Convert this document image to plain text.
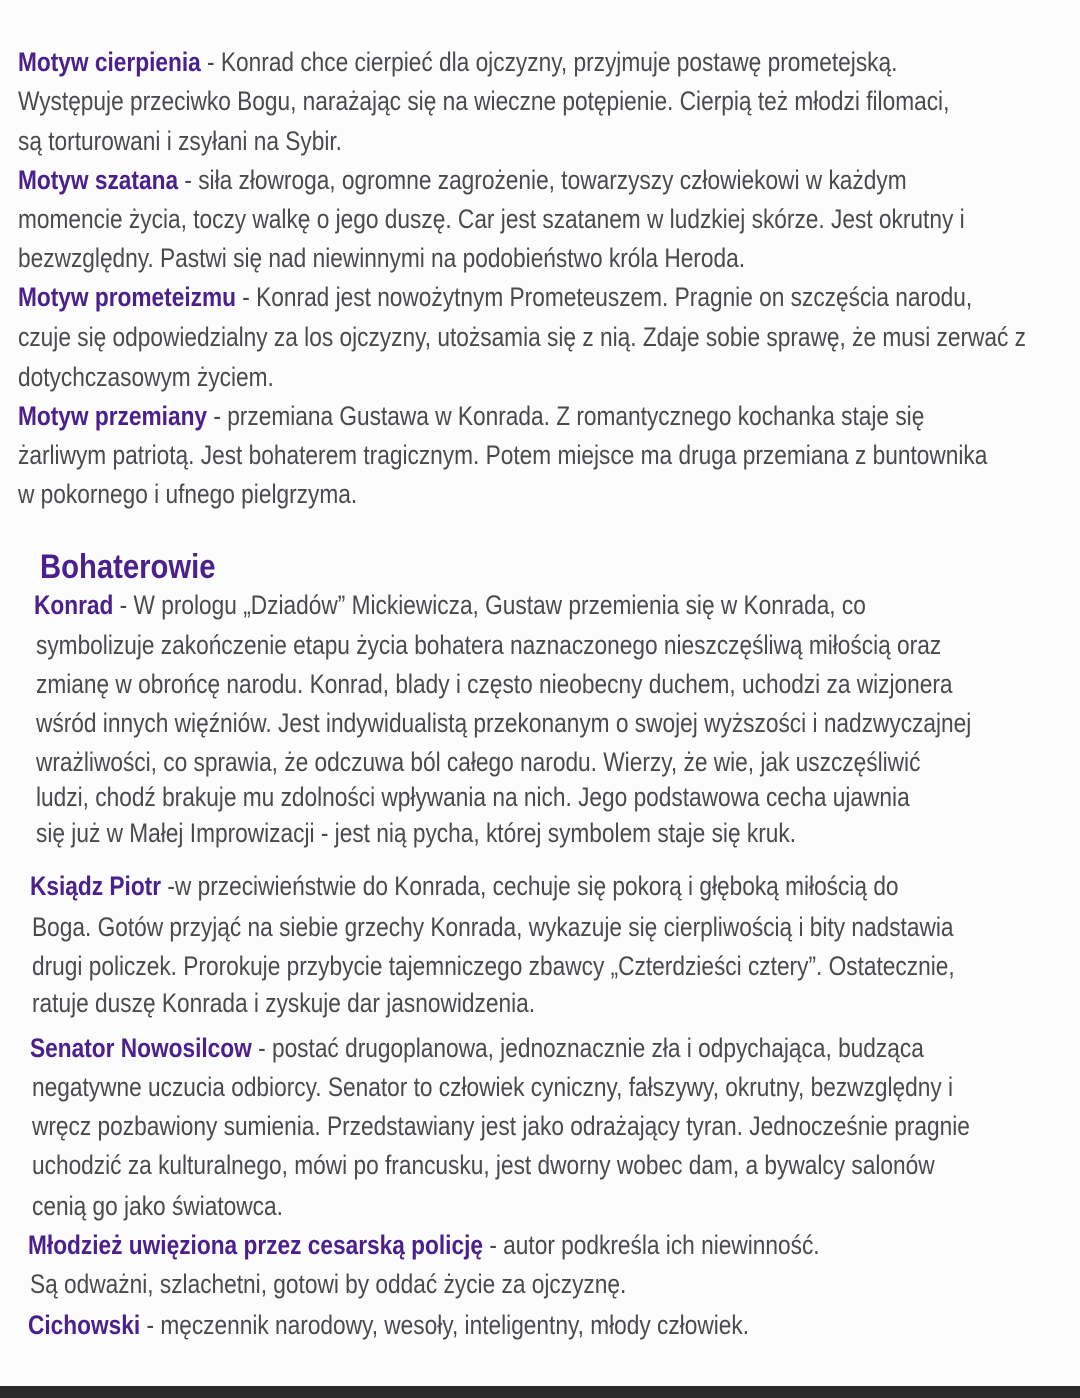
Motyw cierpienia - Konrad chce cierpieć dla ojczyzny, przyjmuje postawę prometejską.
Występuje przeciwko Bogu, narażając się na wieczne potępienie. Cierpią też młodzi filomaci,
są torturowani i zsyłani na Sybir.
Motyw szatana - siła złowroga, ogromne zagrożenie, towarzyszy człowiekowi w każdym
momencie życia, toczy walkę o jego duszę. Car jest szatanem w ludzkiej skórze. Jest okrutny i
bezwzględny. Pastwi się nad niewinnymi na podobieństwo króla Heroda.
Motyw prometeizmu - Konrad jest nowożytnym Prometeuszem. Pragnie on szczęścia narodu,
czuje się odpowiedzialny za los ojczyzny, utożsamia się z nią. Zdaje sobie sprawę, że musi zerwać z
dotychczasowym życiem.
Motyw przemiany - przemiana Gustawa w Konrada. Z romantycznego kochanka staje się
żarliwym patriotą. Jest bohaterem tragicznym. Potem miejsce ma druga przemiana z buntownika
w pokornego i ufnego pielgrzyma.
Bohaterowie
Konrad - W prologu „Dziadów” Mickiewicza, Gustaw przemienia się w Konrada, co
symbolizuje zakończenie etapu życia bohatera naznaczonego nieszczęśliwą miłością oraz
zmianę w obrońcę narodu. Konrad, blady i często nieobecny duchem, uchodzi za wizjonera
wśród innych więźniów. Jest indywidualistą przekonanym o swojej wyższości i nadzwyczajnej
wrażliwości, co sprawia, że odczuwa ból całego narodu. Wierzy, że wie, jak uszczęśliwić
ludzi, chodź brakuje mu zdolności wpływania na nich. Jego podstawowa cecha ujawnia
się już w Małej Improwizacji - jest nią pycha, której symbolem staje się kruk.
Ksiądz Piotr -w przeciwieństwie do Konrada, cechuje się pokorą i głęboką miłością do
Boga. Gotów przyjąć na siebie grzechy Konrada, wykazuje się cierpliwością i bity nadstawia
drugi policzek. Prorokuje przybycie tajemniczego zbawcy „Czterdzieści cztery”. Ostatecznie,
ratuje duszę Konrada i zyskuje dar jasnowidzenia.
Senator Nowosilcow - postać drugoplanowa, jednoznacznie zła i odpychająca, budząca
negatywne uczucia odbiorcy. Senator to człowiek cyniczny, fałszywy, okrutny, bezwzględny i
wręcz pozbawiony sumienia. Przedstawiany jest jako odrażający tyran. Jednocześnie pragnie
uchodzić za kulturalnego, mówi po francusku, jest dworny wobec dam, a bywalcy salonów
cenią go jako światowca.
Młodzież uwięziona przez cesarską policję - autor podkreśla ich niewinność.
Są odważni, szlachetni, gotowi by oddać życie za ojczyznę.
Cichowski - męczennik narodowy, wesoły, inteligentny, młody człowiek.
